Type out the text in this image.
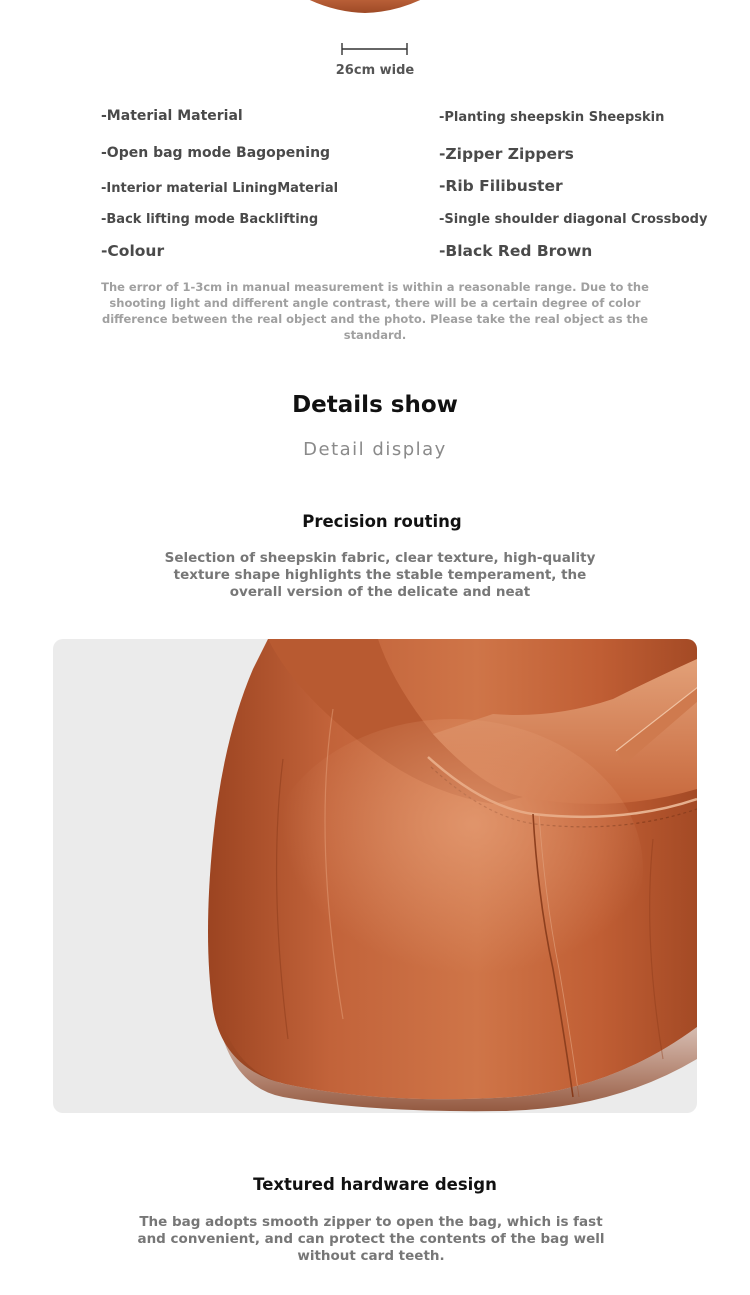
26cm wide
-Material Material
-Open bag mode Bagopening
-Interior material LiningMaterial
-Back lifting mode Backlifting
-Colour
-Planting sheepskin Sheepskin
-Zipper Zippers
-Rib Filibuster
-Single shoulder diagonal Crossbody
-Black Red Brown
The error of 1-3cm in manual measurement is within a reasonable range. Due to the shooting light and different angle contrast, there will be a certain degree of color difference between the real object and the photo. Please take the real object as the standard.
Details show
Detail display
Precision routing
Selection of sheepskin fabric, clear texture, high-quality texture shape highlights the stable temperament, the overall version of the delicate and neat
Textured hardware design
The bag adopts smooth zipper to open the bag, which is fast and convenient, and can protect the contents of the bag well without card teeth.
